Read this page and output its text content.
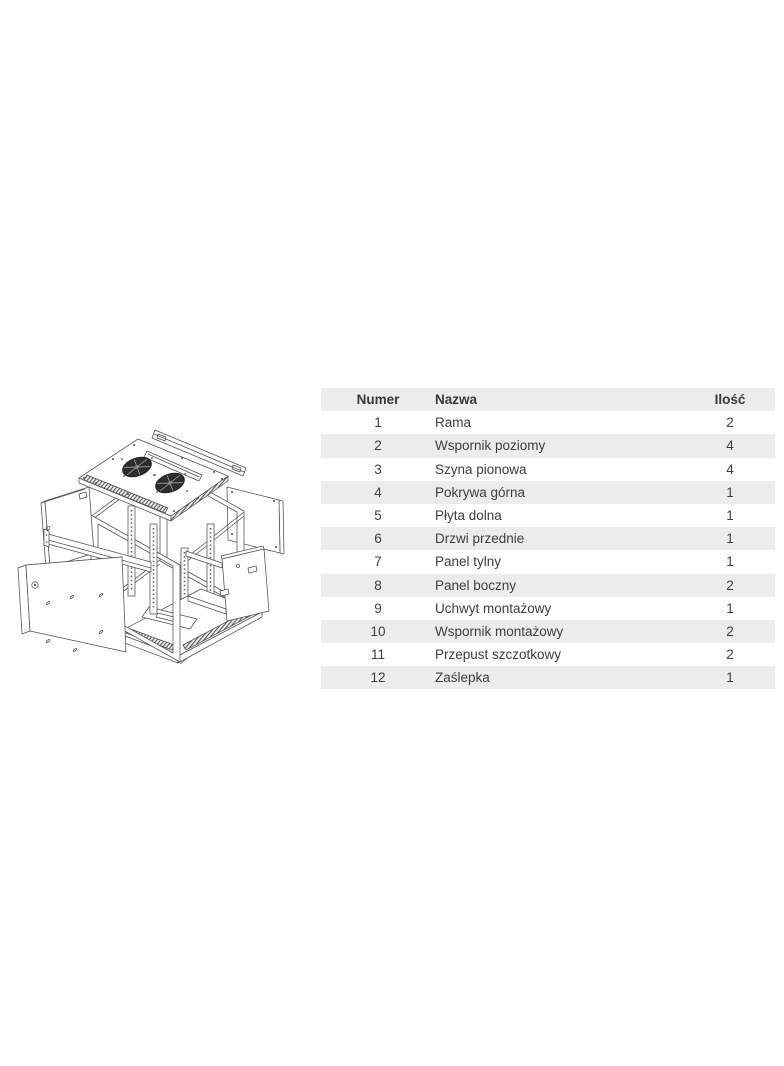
Numer	Nazwa	Ilość
1	Rama	2
2	Wspornik poziomy	4
3	Szyna pionowa	4
4	Pokrywa górna	1
5	Płyta dolna	1
6	Drzwi przednie	1
7	Panel tylny	1
8	Panel boczny	2
9	Uchwyt montażowy	1
10	Wspornik montażowy	2
11	Przepust szczotkowy	2
12	Zaślepka	1
